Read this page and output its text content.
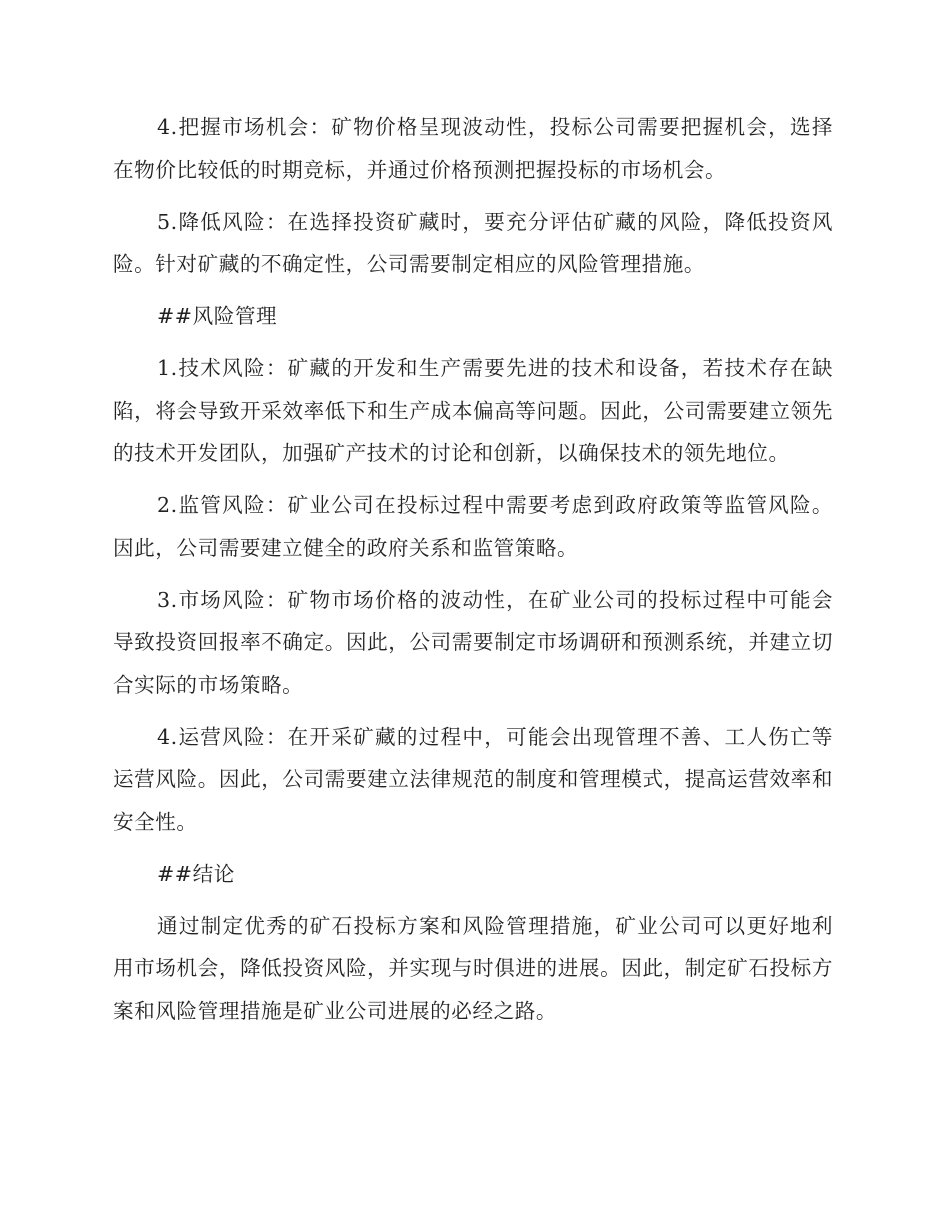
4.把握市场机会：矿物价格呈现波动性，投标公司需要把握机会，选择在物价比较低的时期竞标，并通过价格预测把握投标的市场机会。

5.降低风险：在选择投资矿藏时，要充分评估矿藏的风险，降低投资风险。针对矿藏的不确定性，公司需要制定相应的风险管理措施。

##风险管理

1.技术风险：矿藏的开发和生产需要先进的技术和设备，若技术存在缺陷，将会导致开采效率低下和生产成本偏高等问题。因此，公司需要建立领先的技术开发团队，加强矿产技术的讨论和创新，以确保技术的领先地位。

2.监管风险：矿业公司在投标过程中需要考虑到政府政策等监管风险。因此，公司需要建立健全的政府关系和监管策略。

3.市场风险：矿物市场价格的波动性，在矿业公司的投标过程中可能会导致投资回报率不确定。因此，公司需要制定市场调研和预测系统，并建立切合实际的市场策略。

4.运营风险：在开采矿藏的过程中，可能会出现管理不善、工人伤亡等运营风险。因此，公司需要建立法律规范的制度和管理模式，提高运营效率和安全性。

##结论

通过制定优秀的矿石投标方案和风险管理措施，矿业公司可以更好地利用市场机会，降低投资风险，并实现与时俱进的进展。因此，制定矿石投标方案和风险管理措施是矿业公司进展的必经之路。
